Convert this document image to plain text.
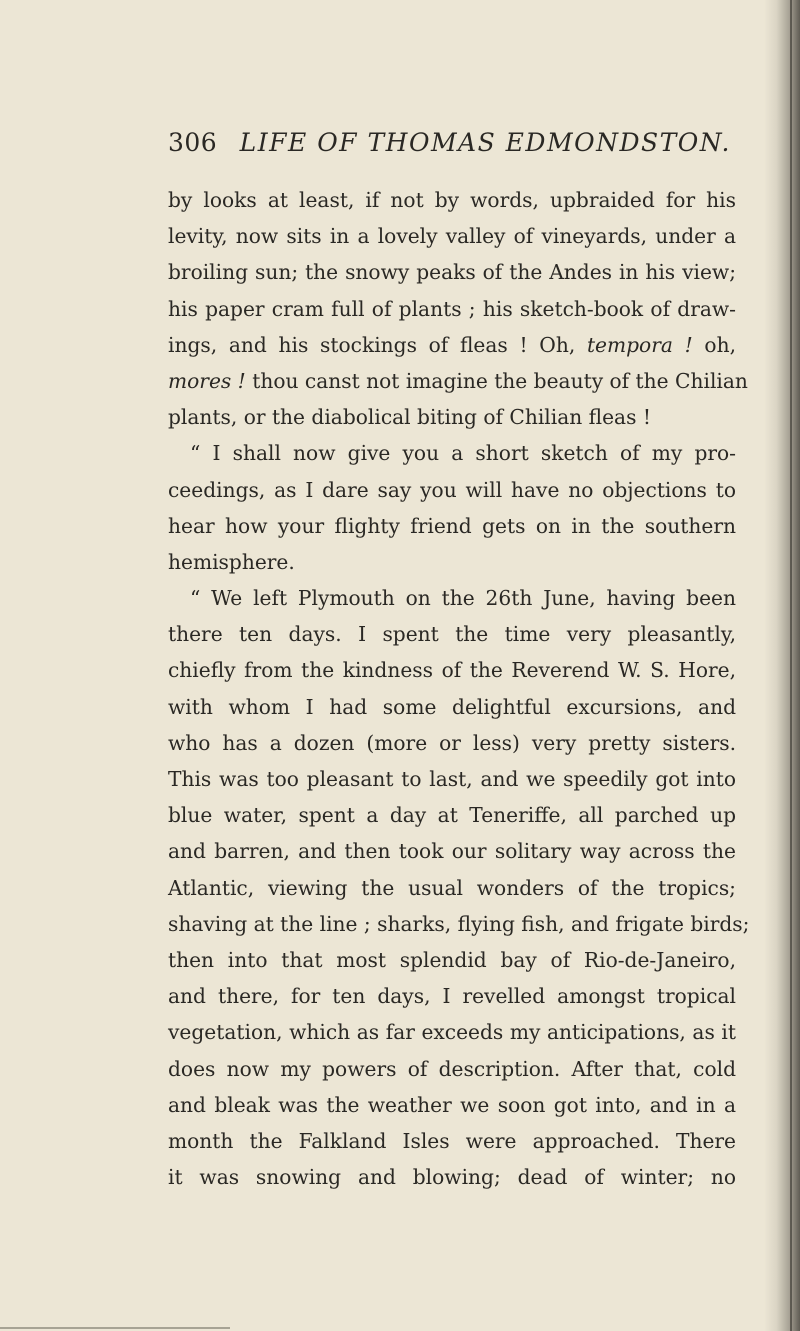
306 LIFE OF THOMAS EDMONDSTON.
by looks at least, if not by words, upbraided for his
levity, now sits in a lovely valley of vineyards, under a
broiling sun; the snowy peaks of the Andes in his view;
his paper cram full of plants ; his sketch-book of draw-
ings, and his stockings of fleas ! Oh, tempora ! oh,
mores ! thou canst not imagine the beauty of the Chilian
plants, or the diabolical biting of Chilian fleas !
“ I shall now give you a short sketch of my pro-
ceedings, as I dare say you will have no objections to
hear how your flighty friend gets on in the southern
hemisphere.
“ We left Plymouth on the 26th June, having been
there ten days. I spent the time very pleasantly,
chiefly from the kindness of the Reverend W. S. Hore,
with whom I had some delightful excursions, and
who has a dozen (more or less) very pretty sisters.
This was too pleasant to last, and we speedily got into
blue water, spent a day at Teneriffe, all parched up
and barren, and then took our solitary way across the
Atlantic, viewing the usual wonders of the tropics;
shaving at the line ; sharks, flying fish, and frigate birds;
then into that most splendid bay of Rio-de-Janeiro,
and there, for ten days, I revelled amongst tropical
vegetation, which as far exceeds my anticipations, as it
does now my powers of description. After that, cold
and bleak was the weather we soon got into, and in a
month the Falkland Isles were approached. There
it was snowing and blowing; dead of winter; no
